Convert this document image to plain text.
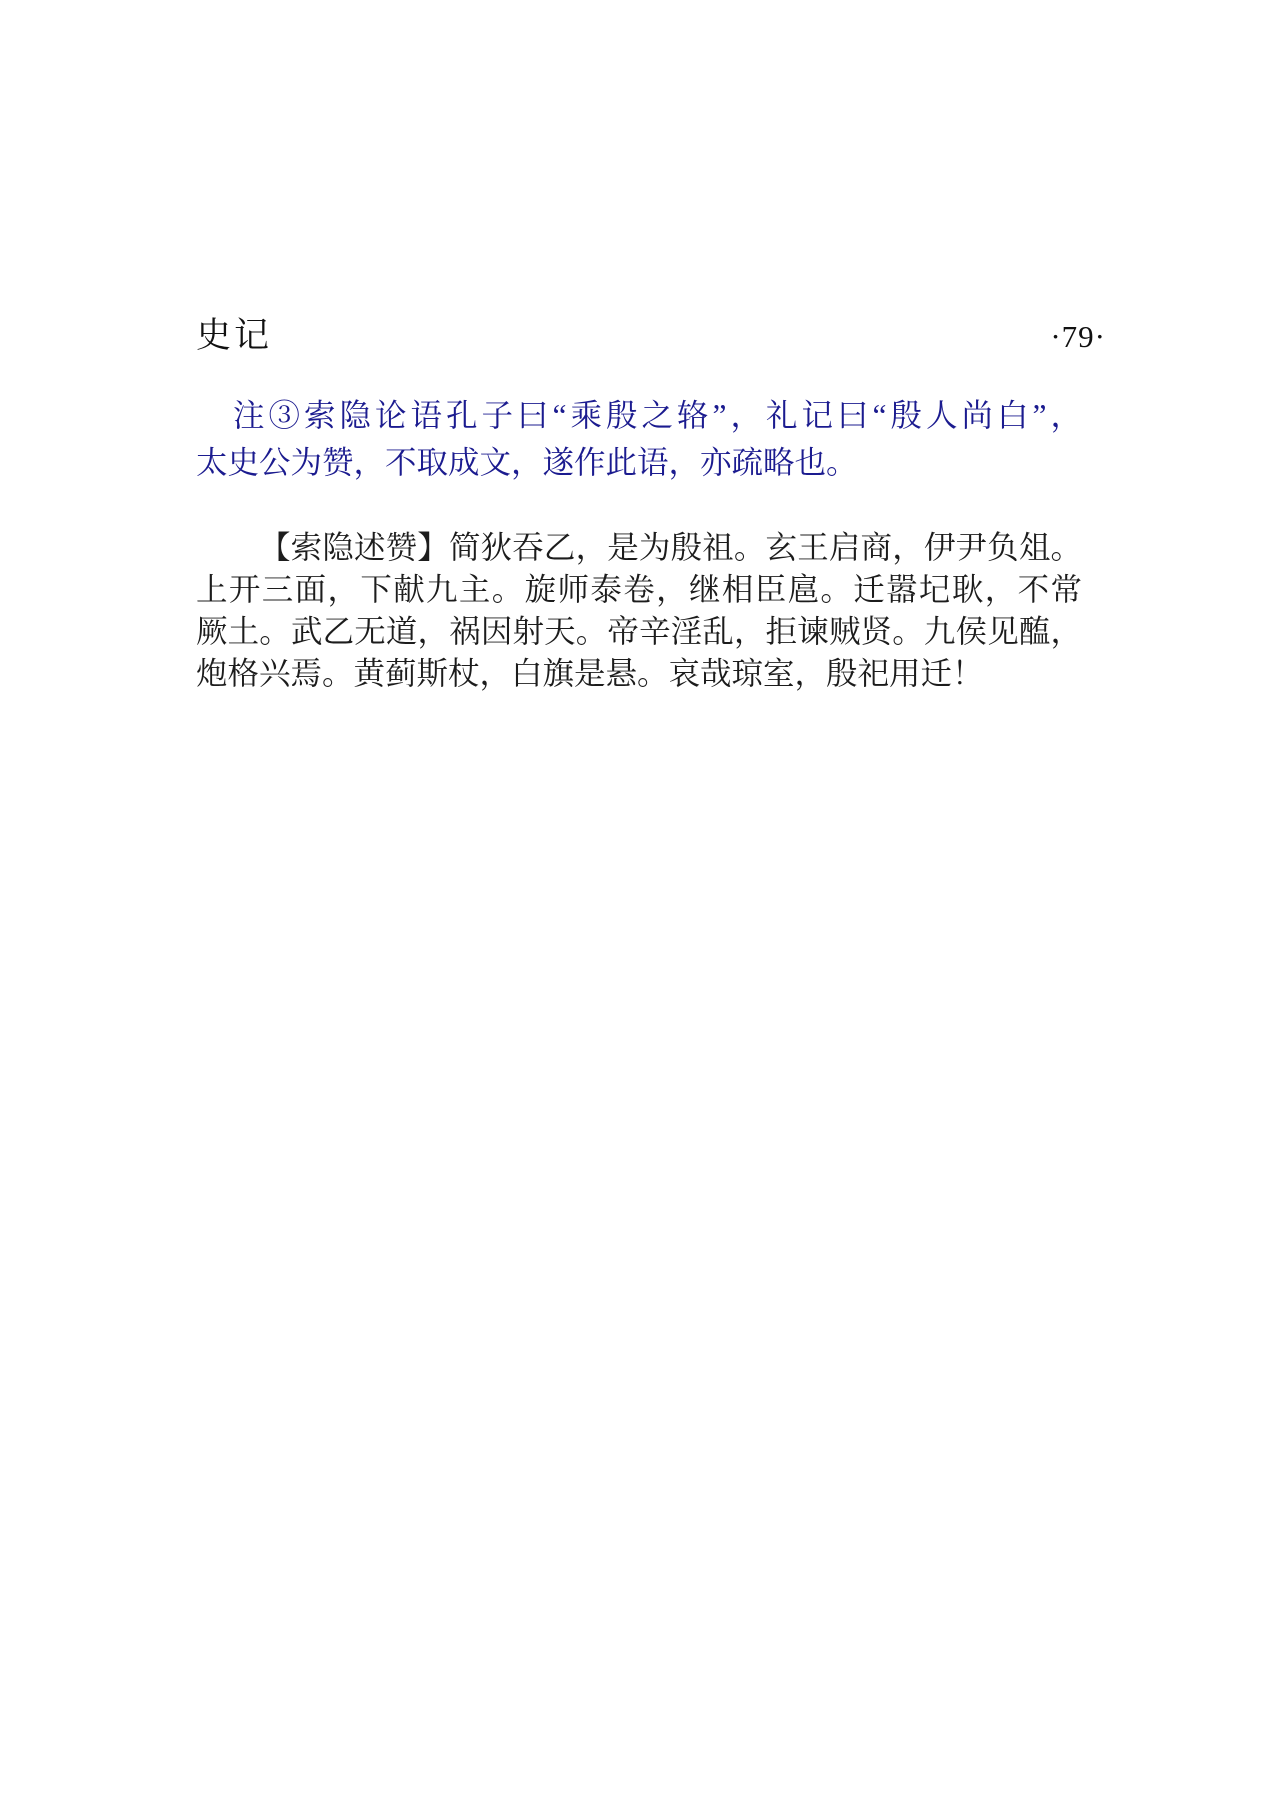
史记	·79·
注③索隐论语孔子曰“乘殷之辂”，礼记曰“殷人尚白”，
太史公为赞，不取成文，遂作此语，亦疏略也。
【索隐述赞】简狄吞乙，是为殷祖。玄王启商，伊尹负俎。
上开三面，下献九主。旋师泰卷，继相臣扈。迁嚣圮耿，不常
厥土。武乙无道，祸因射天。帝辛淫乱，拒谏贼贤。九侯见醢，
炮格兴焉。黄蓟斯杖，白旗是悬。哀哉琼室，殷祀用迁！
